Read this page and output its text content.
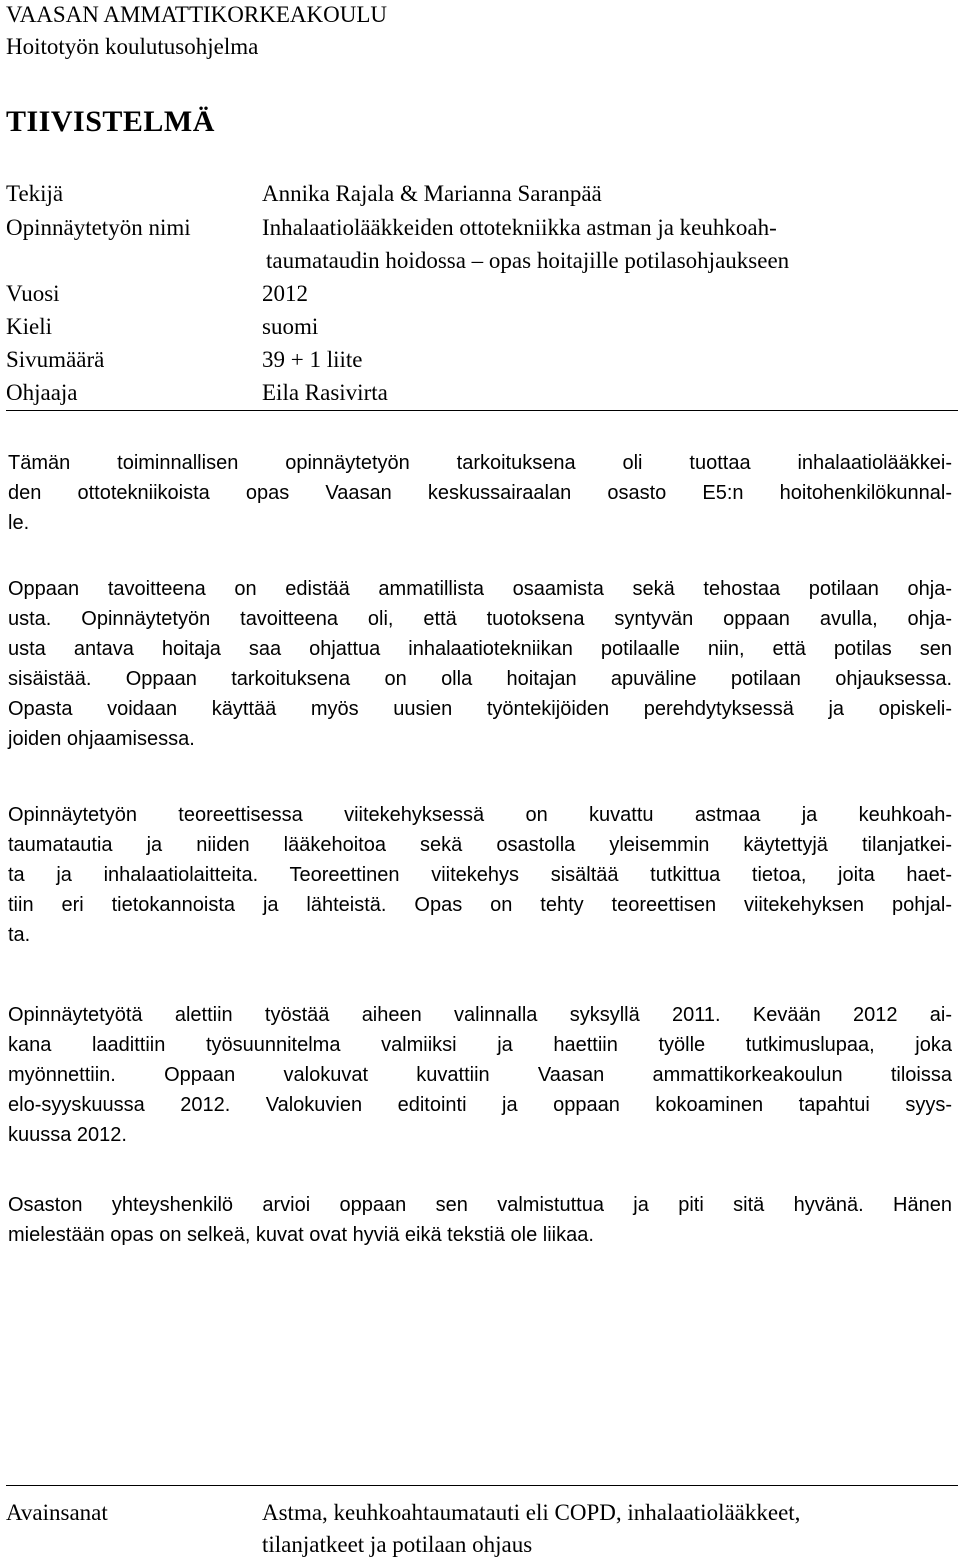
VAASAN AMMATTIKORKEAKOULU
Hoitotyön koulutusohjelma
TIIVISTELMÄ
Tekijä	Annika Rajala & Marianna Saranpää
Opinnäytetyön nimi	Inhalaatiolääkkeiden ottotekniikka astman ja keuhkoah-
taumataudin hoidossa – opas hoitajille potilasohjaukseen
Vuosi	2012
Kieli	suomi
Sivumäärä	39 + 1 liite
Ohjaaja	Eila Rasivirta
Tämän toiminnallisen opinnäytetyön tarkoituksena oli tuottaa inhalaatiolääkkei-
den ottotekniikoista opas Vaasan keskussairaalan osasto E5:n hoitohenkilökunnal-
le.
Oppaan tavoitteena on edistää ammatillista osaamista sekä tehostaa potilaan ohja-
usta. Opinnäytetyön tavoitteena oli, että tuotoksena syntyvän oppaan avulla, ohja-
usta antava hoitaja saa ohjattua inhalaatiotekniikan potilaalle niin, että potilas sen
sisäistää. Oppaan tarkoituksena on olla hoitajan apuväline potilaan ohjauksessa.
Opasta voidaan käyttää myös uusien työntekijöiden perehdytyksessä ja opiskeli-
joiden ohjaamisessa.
Opinnäytetyön teoreettisessa viitekehyksessä on kuvattu astmaa ja keuhkoah-
taumatautia ja niiden lääkehoitoa sekä osastolla yleisemmin käytettyjä tilanjatkei-
ta ja inhalaatiolaitteita. Teoreettinen viitekehys sisältää tutkittua tietoa, joita haet-
tiin eri tietokannoista ja lähteistä. Opas on tehty teoreettisen viitekehyksen pohjal-
ta.
Opinnäytetyötä alettiin työstää aiheen valinnalla syksyllä 2011. Kevään 2012 ai-
kana laadittiin työsuunnitelma valmiiksi ja haettiin työlle tutkimuslupaa, joka
myönnettiin. Oppaan valokuvat kuvattiin Vaasan ammattikorkeakoulun tiloissa
elo-syyskuussa 2012. Valokuvien editointi ja oppaan kokoaminen tapahtui syys-
kuussa 2012.
Osaston yhteyshenkilö arvioi oppaan sen valmistuttua ja piti sitä hyvänä. Hänen
mielestään opas on selkeä, kuvat ovat hyviä eikä tekstiä ole liikaa.
Avainsanat	Astma, keuhkoahtaumatauti eli COPD, inhalaatiolääkkeet,
tilanjatkeet ja potilaan ohjaus
